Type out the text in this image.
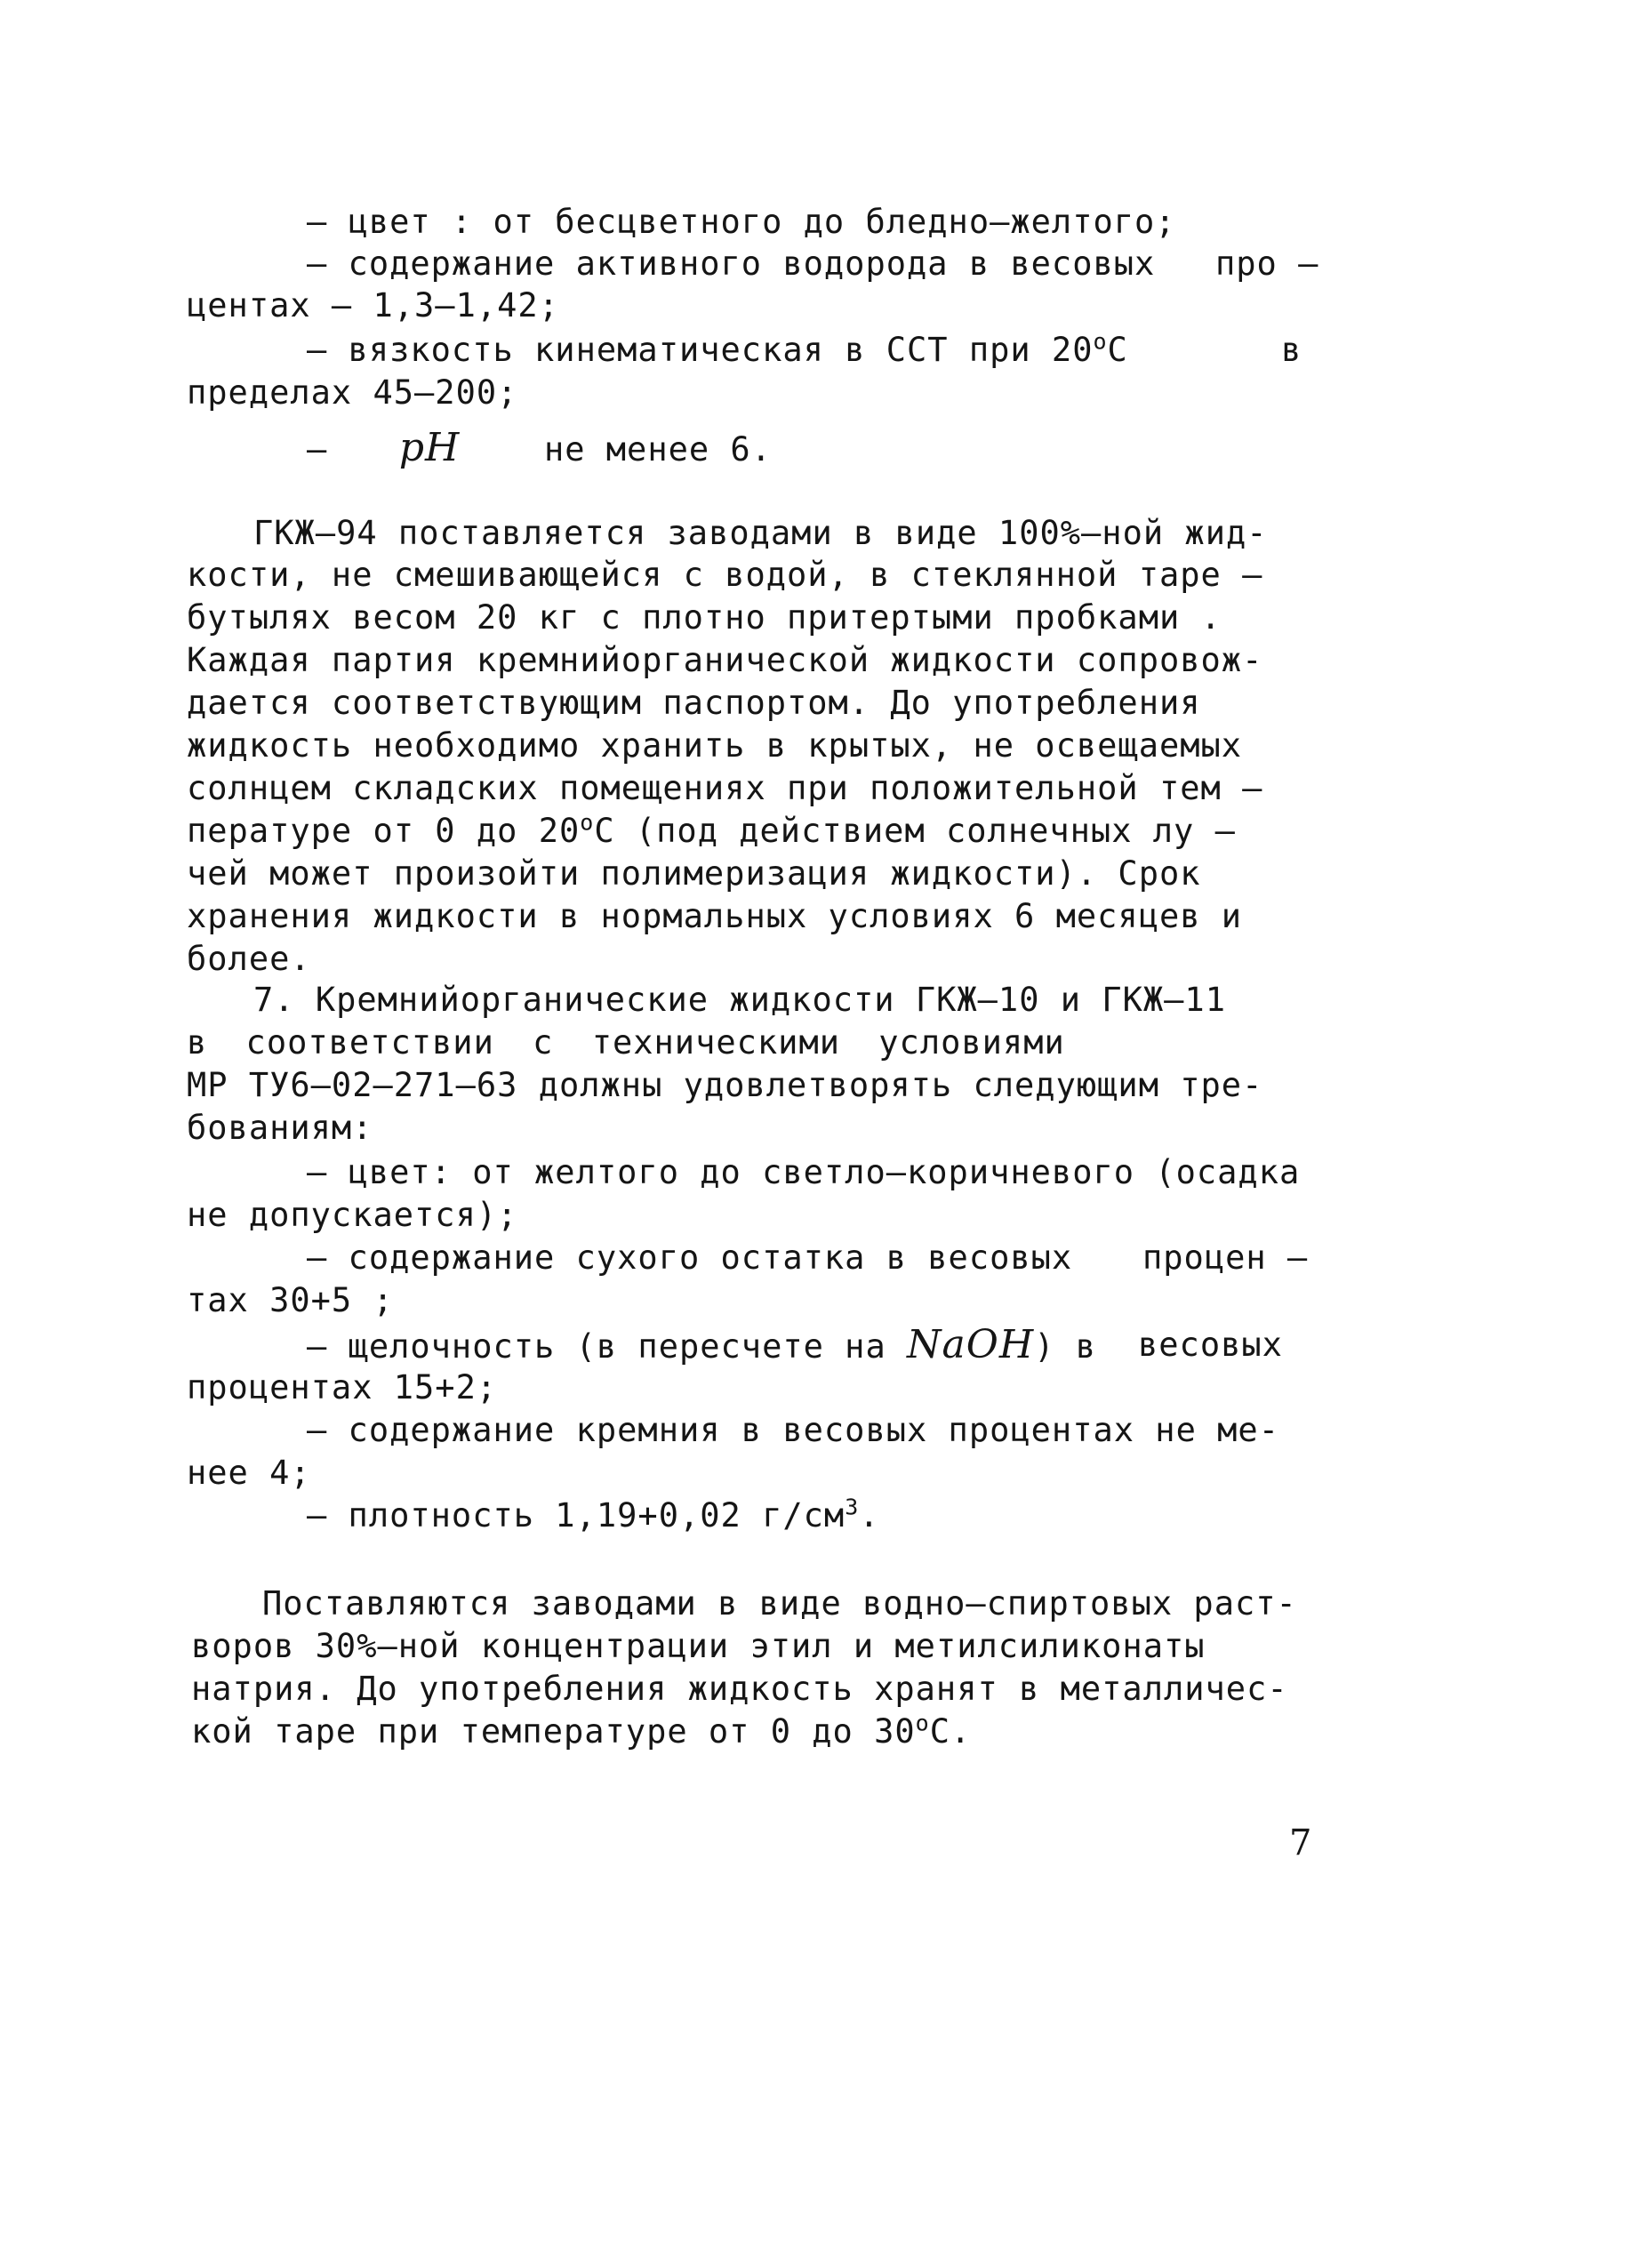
– цвет : от бесцветного до бледно–желтого;
– содержание активного водорода в весовых про –
центах – 1,3–1,42;
– вязкость кинематическая в ССТ при $20^оС$	в
пределах 45–200;
– pH	не менее 6.
ГКЖ–94 поставляется заводами в виде 100%–ной жид-
кости, не смешивающейся с водой, в стеклянной таре –
бутылях весом 20 кг с плотно притертыми пробками .
Каждая партия кремнийорганической жидкости сопровож-
дается соответствующим паспортом. До употребления
жидкость необходимо хранить в крытых, не освещаемых
солнцем складских помещениях при положительной тем –
пературе от 0 до $20^оС$ (под действием солнечных лу –
чей может произойти полимеризация жидкости). Срок
хранения жидкости в нормальных условиях 6 месяцев и
более.
7. Кремнийорганические жидкости ГКЖ–10 и ГКЖ–11
в соответствии с техническими условиями
МР ТУ6–02–271–63 должны удовлетворять следующим тре-
бованиям:
– цвет: от желтого до светло–коричневого (осадка
не допускается);
– содержание сухого остатка в весовых процен –
тах 30+5 ;
– щелочность (в пересчете на NaOH) в весовых
процентах 15+2;
– содержание кремния в весовых процентах не ме-
нее 4;
– плотность 1,19+0,02 $г/см^3$.
Поставляются заводами в виде водно–спиртовых раст-
воров 30%–ной концентрации этил и метилсиликонаты
натрия. До употребления жидкость хранят в металличес-
кой таре при температуре от 0 до $30^оС$.
7
